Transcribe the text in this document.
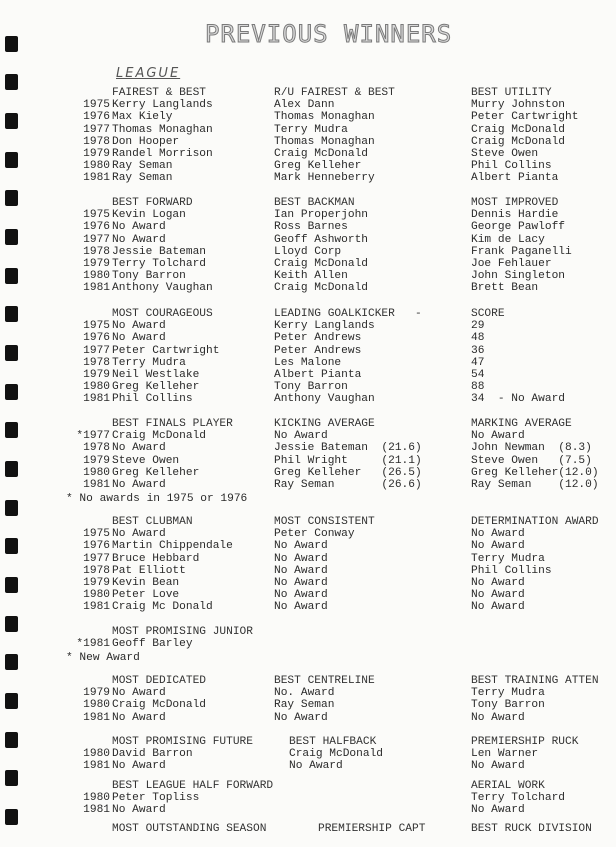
PREVIOUS WINNERS
LEAGUE
FAIREST & BEST
Kerry Langlands
Max Kiely
Thomas Monaghan
Don Hooper
Randel Morrison
Ray Seman
Ray Seman
R/U FAIREST & BEST
Alex Dann
Thomas Monaghan
Terry Mudra
Thomas Monaghan
Craig McDonald
Greg Kelleher
Mark Henneberry
BEST UTILITY
Murry Johnston
Peter Cartwright
Craig McDonald
Craig McDonald
Steve Owen
Phil Collins
Albert Pianta
1975
1976
1977
1978
1979
1980
1981
BEST FORWARD
Kevin Logan
No Award
No Award
Jessie Bateman
Terry Tolchard
Tony Barron
Anthony Vaughan
BEST BACKMAN
Ian Properjohn
Ross Barnes
Geoff Ashworth
Lloyd Corp
Craig McDonald
Keith Allen
Craig McDonald
MOST IMPROVED
Dennis Hardie
George Pawloff
Kim de Lacy
Frank Paganelli
Joe Fehlauer
John Singleton
Brett Bean
1975
1976
1977
1978
1979
1980
1981
MOST COURAGEOUS
No Award
No Award
Peter Cartwright
Terry Mudra
Neil Westlake
Greg Kelleher
Phil Collins
LEADING GOALKICKER   -
Kerry Langlands
Peter Andrews
Peter Andrews
Les Malone
Albert Pianta
Tony Barron
Anthony Vaughan
SCORE
29
48
36
47
54
88
34  - No Award
1975
1976
1977
1978
1979
1980
1981
BEST FINALS PLAYER
Craig McDonald
No Award
Steve Owen
Greg Kelleher
No Award
KICKING AVERAGE
No Award
Jessie Bateman  (21.6)
Phil Wright     (21.1)
Greg Kelleher   (26.5)
Ray Seman       (26.6)
MARKING AVERAGE
No Award
John Newman  (8.3)
Steve Owen   (7.5)
Greg Kelleher(12.0)
Ray Seman    (12.0)
*1977
1978
1979
1980
1981
* No awards in 1975 or 1976
BEST CLUBMAN
No Award
Martin Chippendale
Bruce Hebbard
Pat Elliott
Kevin Bean
Peter Love
Craig Mc Donald
MOST CONSISTENT
Peter Conway
No Award
No Award
No Award
No Award
No Award
No Award
DETERMINATION AWARD
No Award
No Award
Terry Mudra
Phil Collins
No Award
No Award
No Award
1975
1976
1977
1978
1979
1980
1981
MOST PROMISING JUNIOR
Geoff Barley
*1981
* New Award
MOST DEDICATED
No Award
Craig McDonald
No Award
BEST CENTRELINE
No. Award
Ray Seman
No Award
BEST TRAINING ATTEN
Terry Mudra
Tony Barron
No Award
1979
1980
1981
MOST PROMISING FUTURE
David Barron
No Award
BEST HALFBACK
Craig McDonald
No Award
PREMIERSHIP RUCK
Len Warner
No Award
1980
1981
BEST LEAGUE HALF FORWARD
Peter Topliss
No Award
AERIAL WORK
Terry Tolchard
No Award
1980
1981
MOST OUTSTANDING SEASON	PREMIERSHIP CAPT	BEST RUCK DIVISION
